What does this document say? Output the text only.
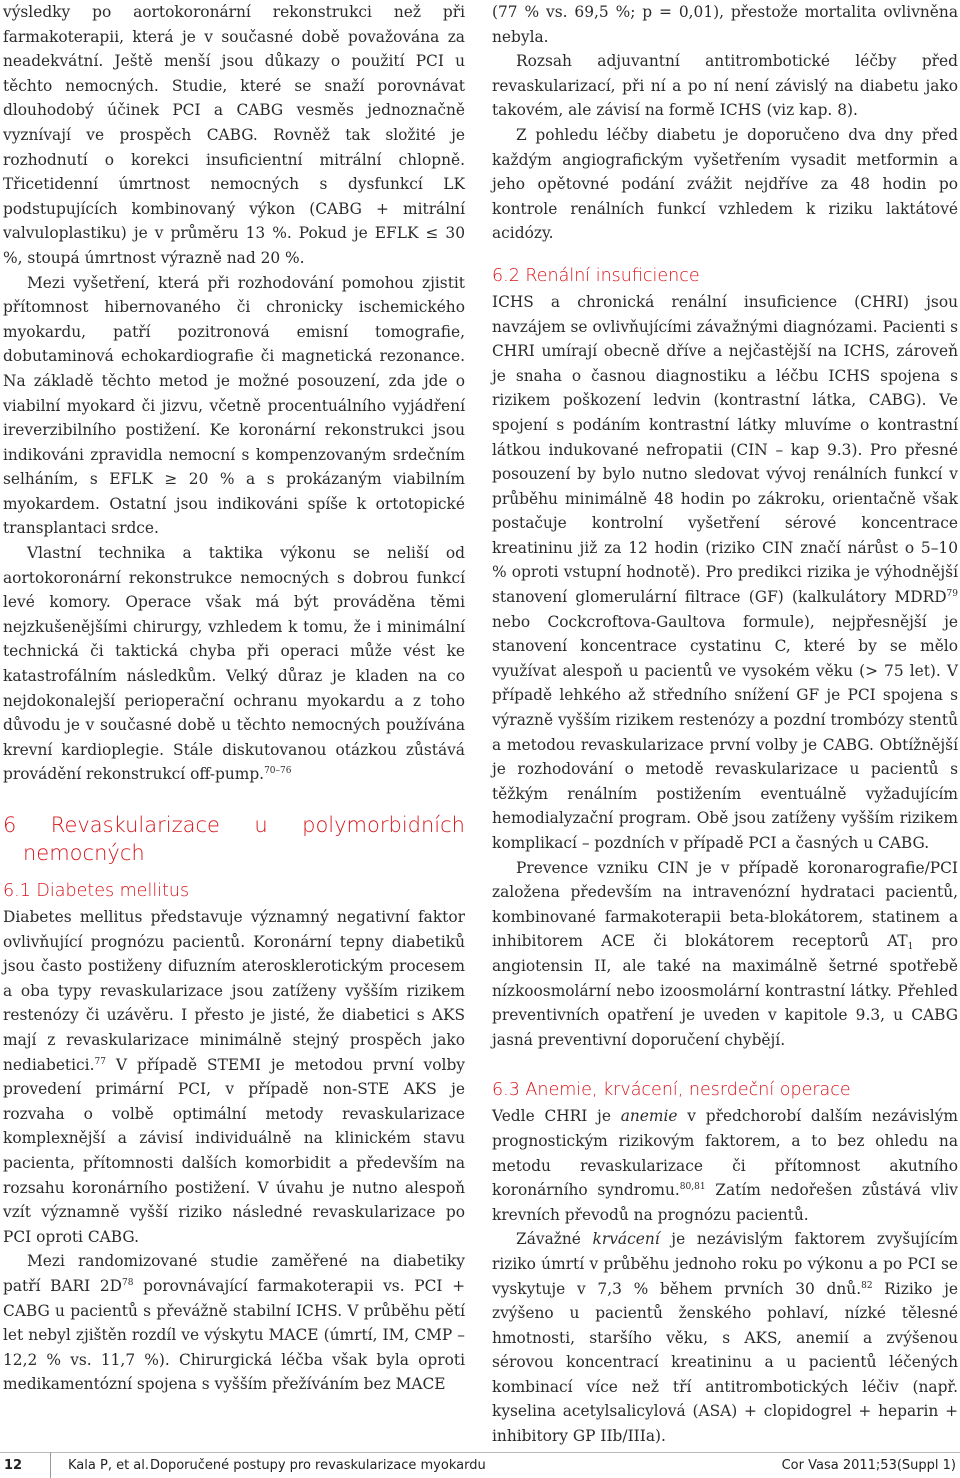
výsledky po aortokoronární rekonstrukci než při farmakoterapii, která je v současné době považována za neadekvátní. Ještě menší jsou důkazy o použití PCI u těchto nemocných. Studie, které se snaží porovnávat dlouhodobý účinek PCI a CABG vesměs jednoznačně vyznívají ve prospěch CABG. Rovněž tak složité je rozhodnutí o korekci insuficientní mitrální chlopně. Třicetidenní úmrtnost nemocných s dysfunkcí LK podstupujících kombinovaný výkon (CABG + mitrální valvuloplastiku) je v průměru 13 %. Pokud je EFLK ≤ 30 %, stoupá úmrtnost výrazně nad 20 %.

Mezi vyšetření, která při rozhodování pomohou zjistit přítomnost hibernovaného či chronicky ischemického myokardu, patří pozitronová emisní tomografie, dobutaminová echokardiografie či magnetická rezonance. Na základě těchto metod je možné posouzení, zda jde o viabilní myokard či jizvu, včetně procentuálního vyjádření ireverzibilního postižení. Ke koronární rekonstrukci jsou indikováni zpravidla nemocní s kompenzovaným srdečním selháním, s EFLK ≥ 20 % a s prokázaným viabilním myokardem. Ostatní jsou indikováni spíše k ortotopické transplantaci srdce.

Vlastní technika a taktika výkonu se neliší od aortokoronární rekonstrukce nemocných s dobrou funkcí levé komory. Operace však má být prováděna těmi nejzkušenějšími chirurgy, vzhledem k tomu, že i minimální technická či taktická chyba při operaci může vést ke katastrofálním následkům. Velký důraz je kladen na co nejdokonalejší perioperační ochranu myokardu a z toho důvodu je v současné době u těchto nemocných používána krevní kardioplegie. Stále diskutovanou otázkou zůstává provádění rekonstrukcí off-pump.$^{70-76}$

6 Revaskularizace u polymorbidních nemocných
6.1 Diabetes mellitus

Diabetes mellitus představuje významný negativní faktor ovlivňující prognózu pacientů. Koronární tepny diabetiků jsou často postiženy difuzním aterosklerotickým procesem a oba typy revaskularizace jsou zatíženy vyšším rizikem restenózy či uzávěru. I přesto je jisté, že diabetici s AKS mají z revaskularizace minimálně stejný prospěch jako nediabetici.$^{77}$ V případě STEMI je metodou první volby provedení primární PCI, v případě non-STE AKS je rozvaha o volbě optimální metody revaskularizace komplexnější a závisí individuálně na klinickém stavu pacienta, přítomnosti dalších komorbidit a především na rozsahu koronárního postižení. V úvahu je nutno alespoň vzít významně vyšší riziko následné revaskularizace po PCI oproti CABG.

Mezi randomizované studie zaměřené na diabetiky patří BARI $2D^{78}$ porovnávající farmakoterapii vs. PCI + CABG u pacientů s převážně stabilní ICHS. V průběhu pětí let nebyl zjištěn rozdíl ve výskytu MACE (úmrtí, IM, CMP – 12,2 % vs. 11,7 %). Chirurgická léčba však byla oproti medikamentózní spojena s vyšším přežíváním bez MACE

(77 % vs. 69,5 %; p = 0,01), přestože mortalita ovlivněna nebyla.

Rozsah adjuvantní antitrombotické léčby před revaskularizací, při ní a po ní není závislý na diabetu jako takovém, ale závisí na formě ICHS (viz kap. 8).

Z pohledu léčby diabetu je doporučeno dva dny před každým angiografickým vyšetřením vysadit metformin a jeho opětovné podání zvážit nejdříve za 48 hodin po kontrole renálních funkcí vzhledem k riziku laktátové acidózy.

6.2 Renální insuficience

ICHS a chronická renální insuficience (CHRI) jsou navzájem se ovlivňujícími závažnými diagnózami. Pacienti s CHRI umírají obecně dříve a nejčastější na ICHS, zároveň je snaha o časnou diagnostiku a léčbu ICHS spojena s rizikem poškození ledvin (kontrastní látka, CABG). Ve spojení s podáním kontrastní látky mluvíme o kontrastní látkou indukované nefropatii (CIN – kap 9.3). Pro přesné posouzení by bylo nutno sledovat vývoj renálních funkcí v průběhu minimálně 48 hodin po zákroku, orientačně však postačuje kontrolní vyšetření sérové koncentrace kreatininu již za 12 hodin (riziko CIN značí nárůst o 5–10 % oproti vstupní hodnotě). Pro predikci rizika je výhodnější stanovení glomerulární filtrace (GF) (kalkulátory MDRD$^{79}$ nebo Cockcroftova-Gaultova formule), nejpřesnější je stanovení koncentrace cystatinu C, které by se mělo využívat alespoň u pacientů ve vysokém věku (> 75 let). V případě lehkého až středního snížení GF je PCI spojena s výrazně vyšším rizikem restenózy a pozdní trombózy stentů a metodou revaskularizace první volby je CABG. Obtížnější je rozhodování o metodě revaskularizace u pacientů s těžkým renálním postižením eventuálně vyžadujícím hemodialyzační program. Obě jsou zatíženy vyšším rizikem komplikací – pozdních v případě PCI a časných u CABG.

Prevence vzniku CIN je v případě koronarografie/PCI založena především na intravenózní hydrataci pacientů, kombinované farmakoterapii beta-blokátorem, statinem a inhibitorem ACE či blokátorem receptorů $AT_1$ pro angiotensin II, ale také na maximálně šetrné spotřebě nízkoosmolární nebo izoosmolární kontrastní látky. Přehled preventivních opatření je uveden v kapitole 9.3, u CABG jasná preventivní doporučení chybějí.

6.3 Anemie, krvácení, nesrdeční operace

Vedle CHRI je anemie v předchorobí dalším nezávislým prognostickým rizikovým faktorem, a to bez ohledu na metodu revaskularizace či přítomnost akutního koronárního syndromu.$^{80,81}$ Zatím nedořešen zůstává vliv krevních převodů na prognózu pacientů.

Závažné krvácení je nezávislým faktorem zvyšujícím riziko úmrtí v průběhu jednoho roku po výkonu a po PCI se vyskytuje v 7,3 % během prvních 30 dnů.$^{82}$ Riziko je zvýšeno u pacientů ženského pohlaví, nízké tělesné hmotnosti, staršího věku, s AKS, anemií a zvýšenou sérovou koncentrací kreatininu a u pacientů léčených kombinací více než tří antitrombotických léčiv (např. kyselina acetylsalicylová (ASA) + clopidogrel + heparin + inhibitory GP IIb/IIIa).

12	Kala P, et al. Doporučené postupy pro revaskularizace myokardu	Cor Vasa 2011;53(Suppl 1)
